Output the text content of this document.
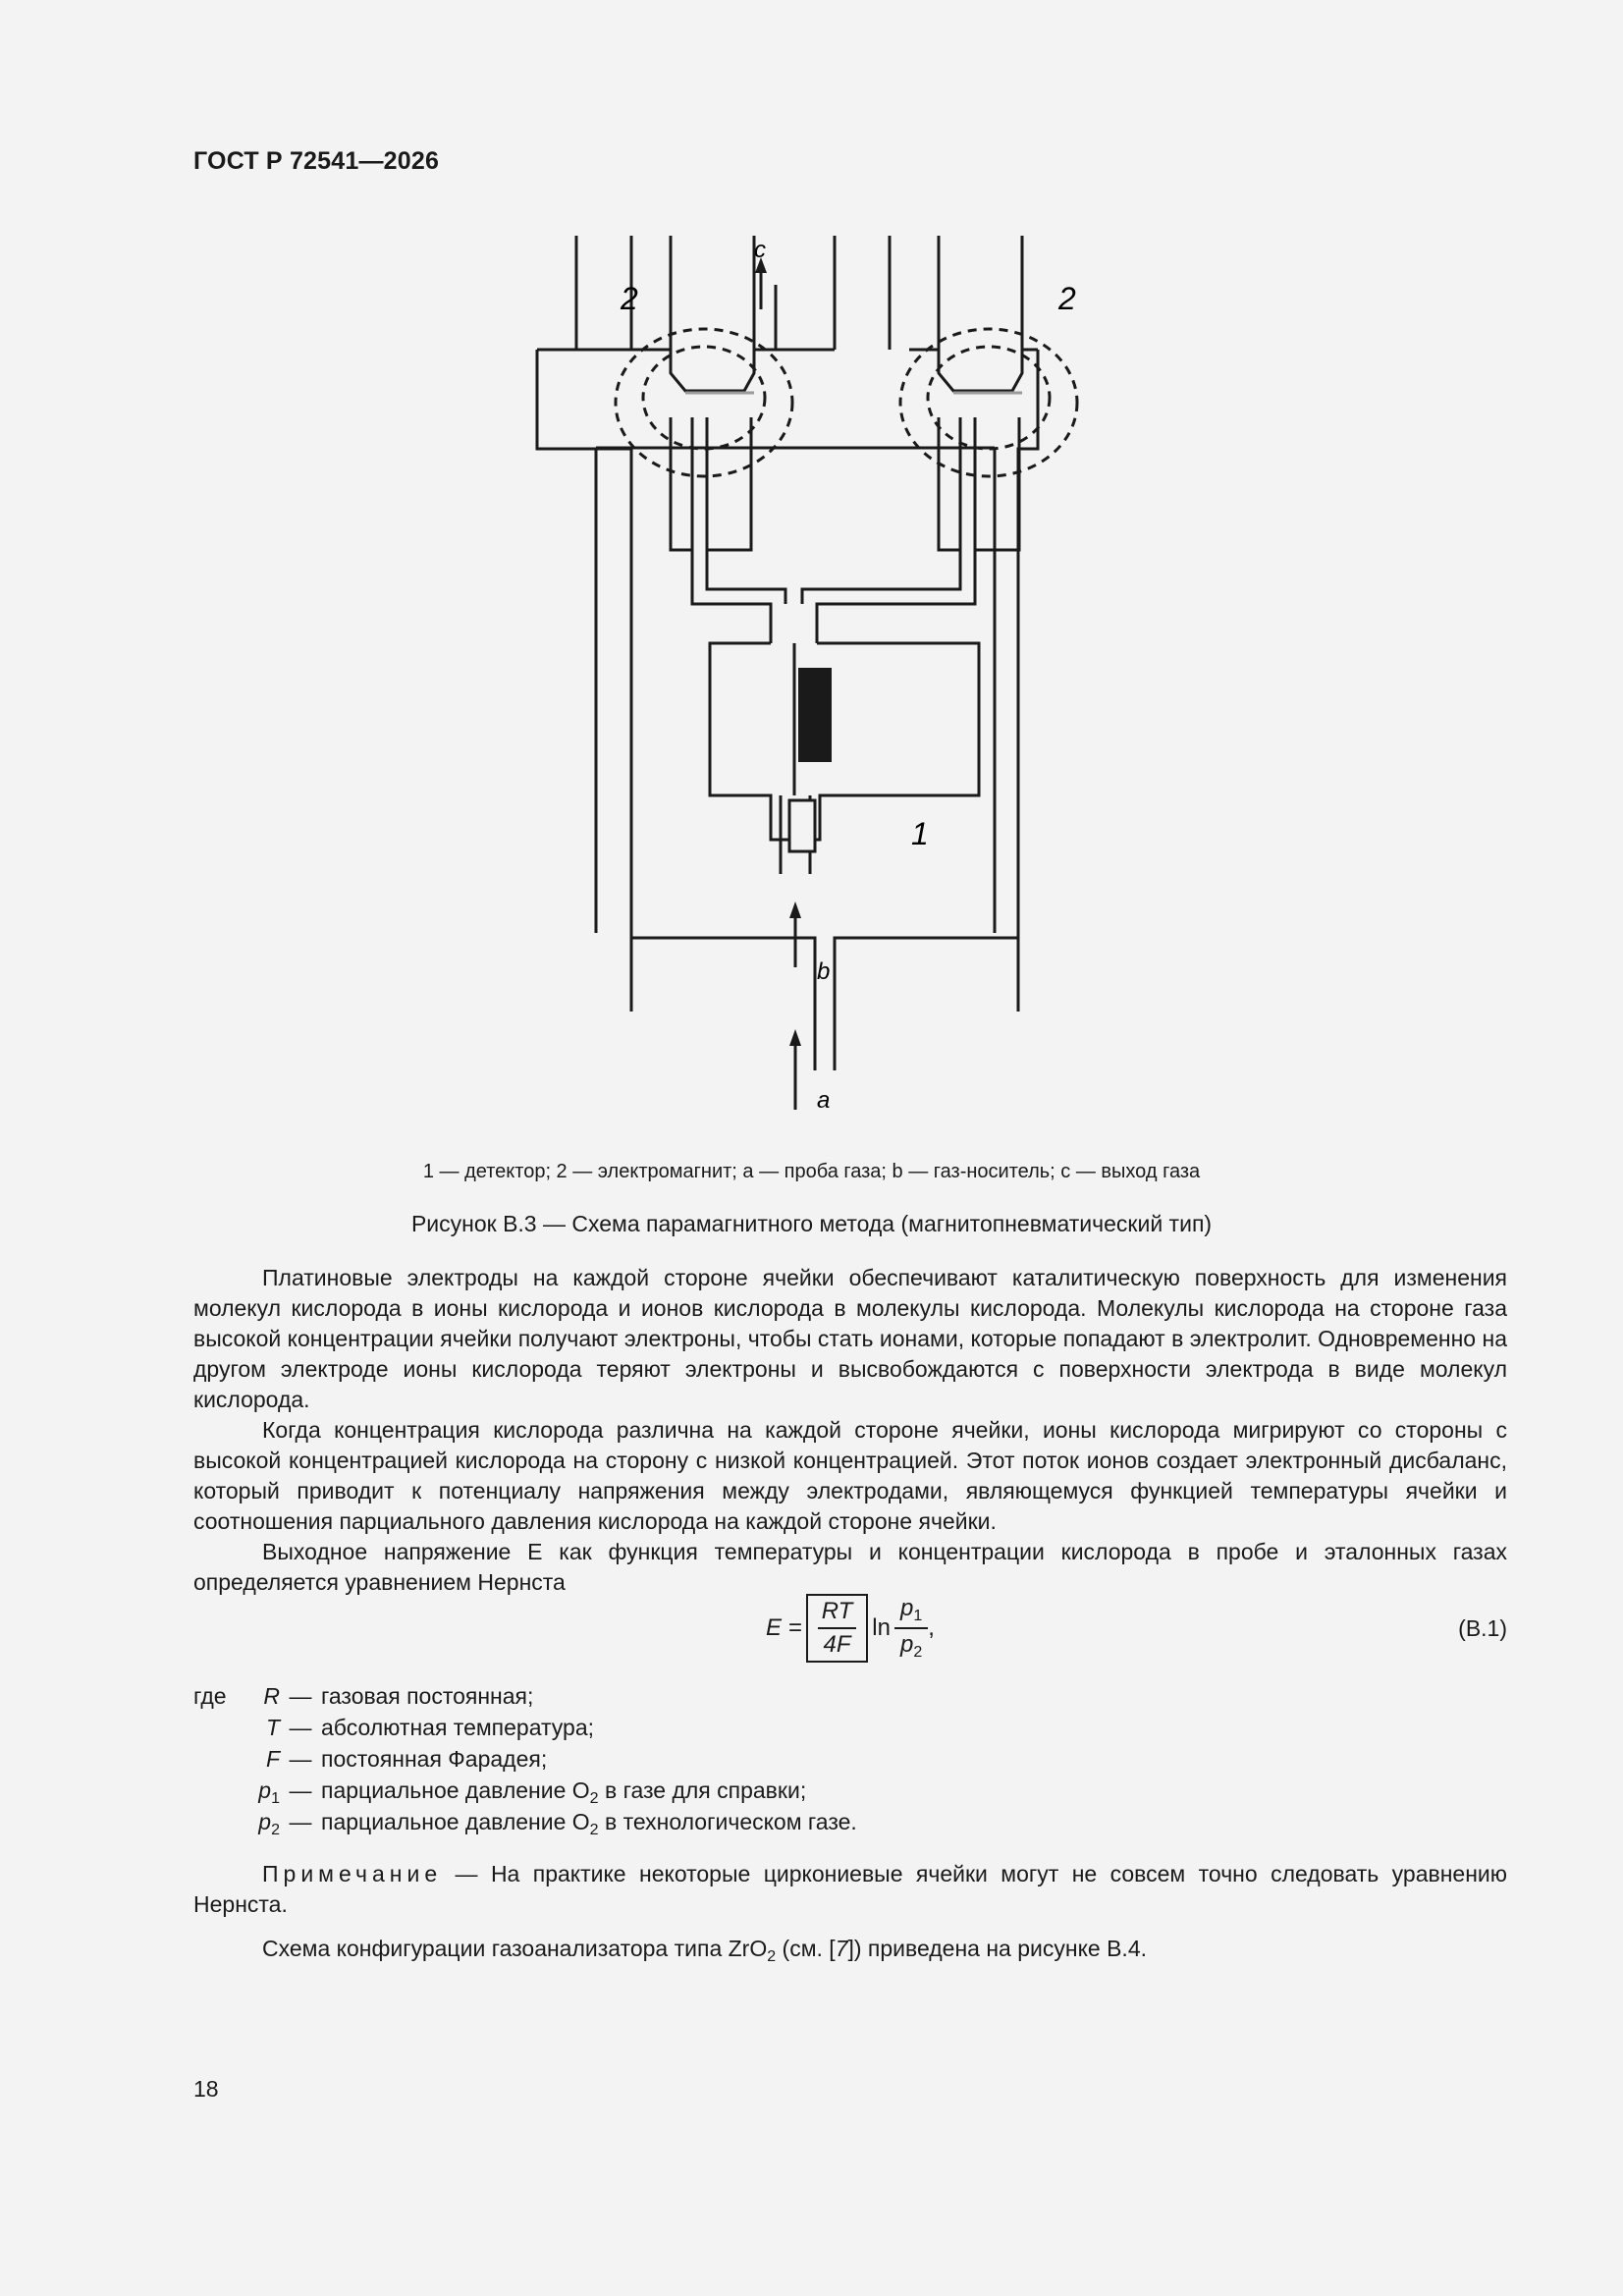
ГОСТ Р 72541—2026
c
2	2
1
b
a
1 — детектор; 2 — электромагнит; a — проба газа; b — газ-носитель; c — выход газа
Рисунок В.3 — Схема парамагнитного метода (магнитопневматический тип)

Платиновые электроды на каждой стороне ячейки обеспечивают каталитическую поверхность для изменения молекул кислорода в ионы кислорода и ионов кислорода в молекулы кислорода. Молекулы кислорода на стороне газа высокой концентрации ячейки получают электроны, чтобы стать ионами, которые попадают в электролит. Одновременно на другом электроде ионы кислорода теряют электроны и высвобождаются с поверхности электрода в виде молекул кислорода.

Когда концентрация кислорода различна на каждой стороне ячейки, ионы кислорода мигрируют со стороны с высокой концентрацией кислорода на сторону с низкой концентрацией. Этот поток ионов создает электронный дисбаланс, который приводит к потенциалу напряжения между электродами, являющемуся функцией температуры ячейки и соотношения парциального давления кислорода на каждой стороне ячейки.

Выходное напряжение E как функция температуры и концентрации кислорода в пробе и эталонных газах определяется уравнением Нернста

$E = \frac{RT}{4F}$ $\ln \frac{p_1}{p_2}$ ,	(В.1)
где	R — газовая постоянная;
T — абсолютная температура;
F — постоянная Фарадея;
$p_1$ — парциальное давление $O_2$ в газе для справки;
$p_2$ — парциальное давление $O_2$ в технологическом газе.
Примечание — На практике некоторые циркониевые ячейки могут не совсем точно следовать уравнению Нернста.
Схема конфигурации газоанализатора типа ZrO$_2$ (см. [7]) приведена на рисунке В.4.
18
